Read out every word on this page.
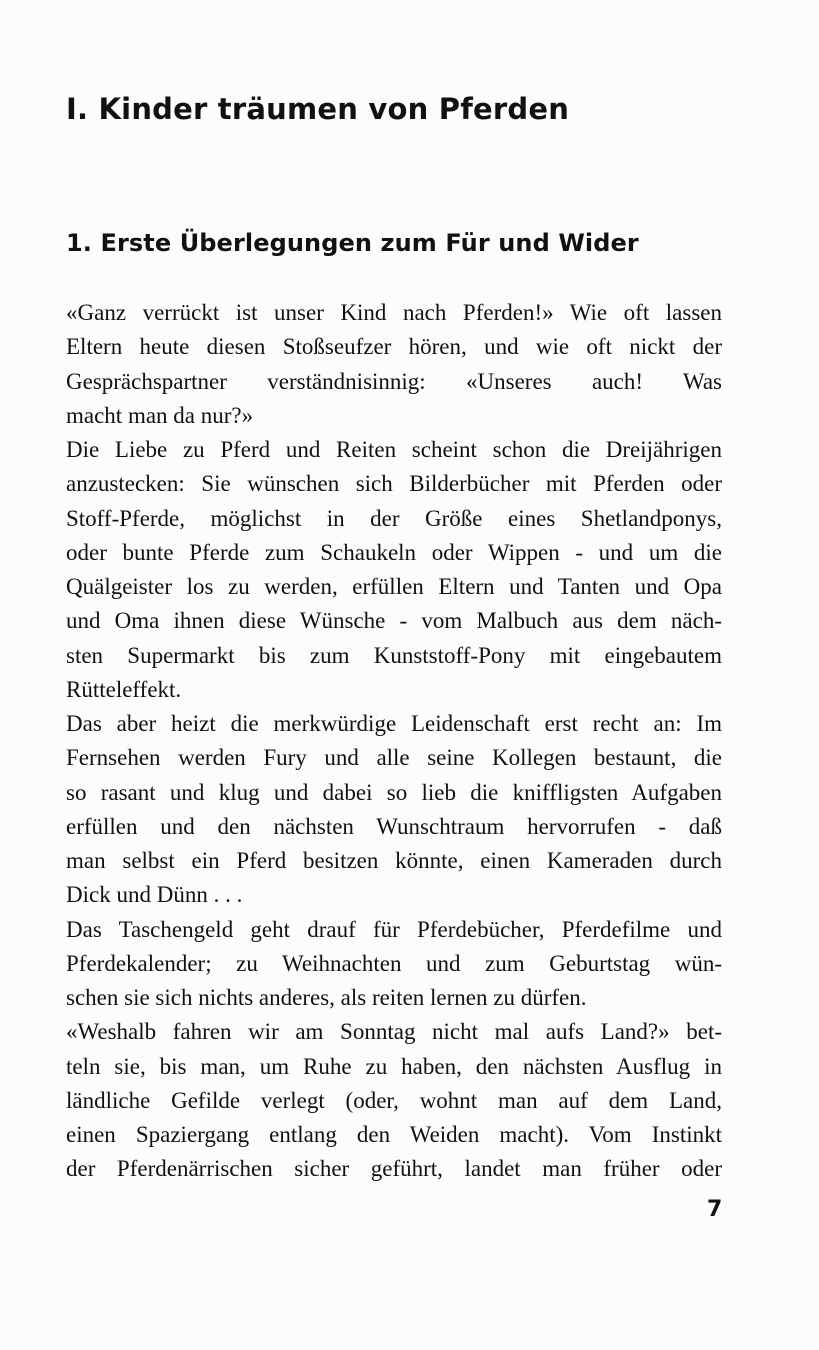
I. Kinder träumen von Pferden
1. Erste Überlegungen zum Für und Wider
«Ganz verrückt ist unser Kind nach Pferden!» Wie oft lassen
Eltern heute diesen Stoßseufzer hören, und wie oft nickt der
Gesprächspartner verständnisinnig: «Unseres auch! Was
macht man da nur?»
Die Liebe zu Pferd und Reiten scheint schon die Dreijährigen
anzustecken: Sie wünschen sich Bilderbücher mit Pferden oder
Stoff-Pferde, möglichst in der Größe eines Shetlandponys,
oder bunte Pferde zum Schaukeln oder Wippen - und um die
Quälgeister los zu werden, erfüllen Eltern und Tanten und Opa
und Oma ihnen diese Wünsche - vom Malbuch aus dem näch-
sten Supermarkt bis zum Kunststoff-Pony mit eingebautem
Rütteleffekt.
Das aber heizt die merkwürdige Leidenschaft erst recht an: Im
Fernsehen werden Fury und alle seine Kollegen bestaunt, die
so rasant und klug und dabei so lieb die kniffligsten Aufgaben
erfüllen und den nächsten Wunschtraum hervorrufen - daß
man selbst ein Pferd besitzen könnte, einen Kameraden durch
Dick und Dünn . . .
Das Taschengeld geht drauf für Pferdebücher, Pferdefilme und
Pferdekalender; zu Weihnachten und zum Geburtstag wün-
schen sie sich nichts anderes, als reiten lernen zu dürfen.
«Weshalb fahren wir am Sonntag nicht mal aufs Land?» bet-
teln sie, bis man, um Ruhe zu haben, den nächsten Ausflug in
ländliche Gefilde verlegt (oder, wohnt man auf dem Land,
einen Spaziergang entlang den Weiden macht). Vom Instinkt
der Pferdenärrischen sicher geführt, landet man früher oder
7
